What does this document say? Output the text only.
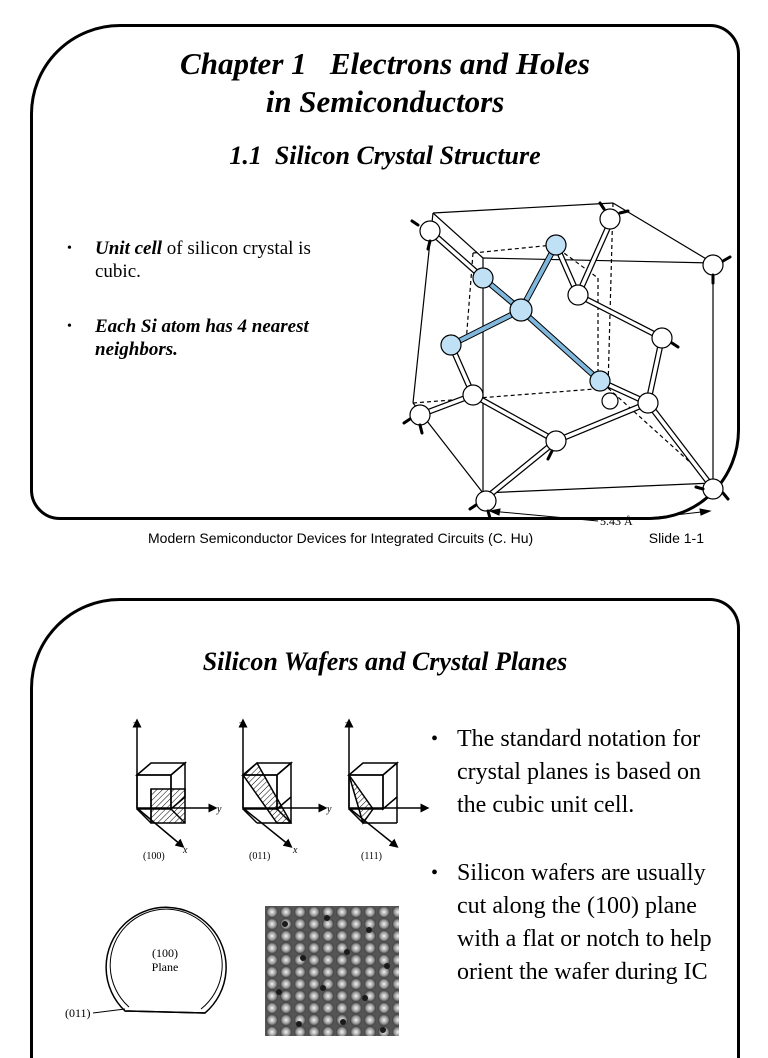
Chapter 1   Electrons and Holes
in Semiconductors
1.1  Silicon Crystal Structure
• Unit cell of silicon crystal is cubic.
• Each Si atom has 4 nearest neighbors.
5.43 Å
Modern Semiconductor Devices for Integrated Circuits (C. Hu)	Slide 1-1
Silicon Wafers and Crystal Planes
z
y
x
(100)
z
y
x
(011)
z
(111)
(100)
Plane
(011)
• The standard notation for crystal planes is based on the cubic unit cell.
• Silicon wafers are usually cut along the (100) plane with a flat or notch to help orient the wafer during IC
